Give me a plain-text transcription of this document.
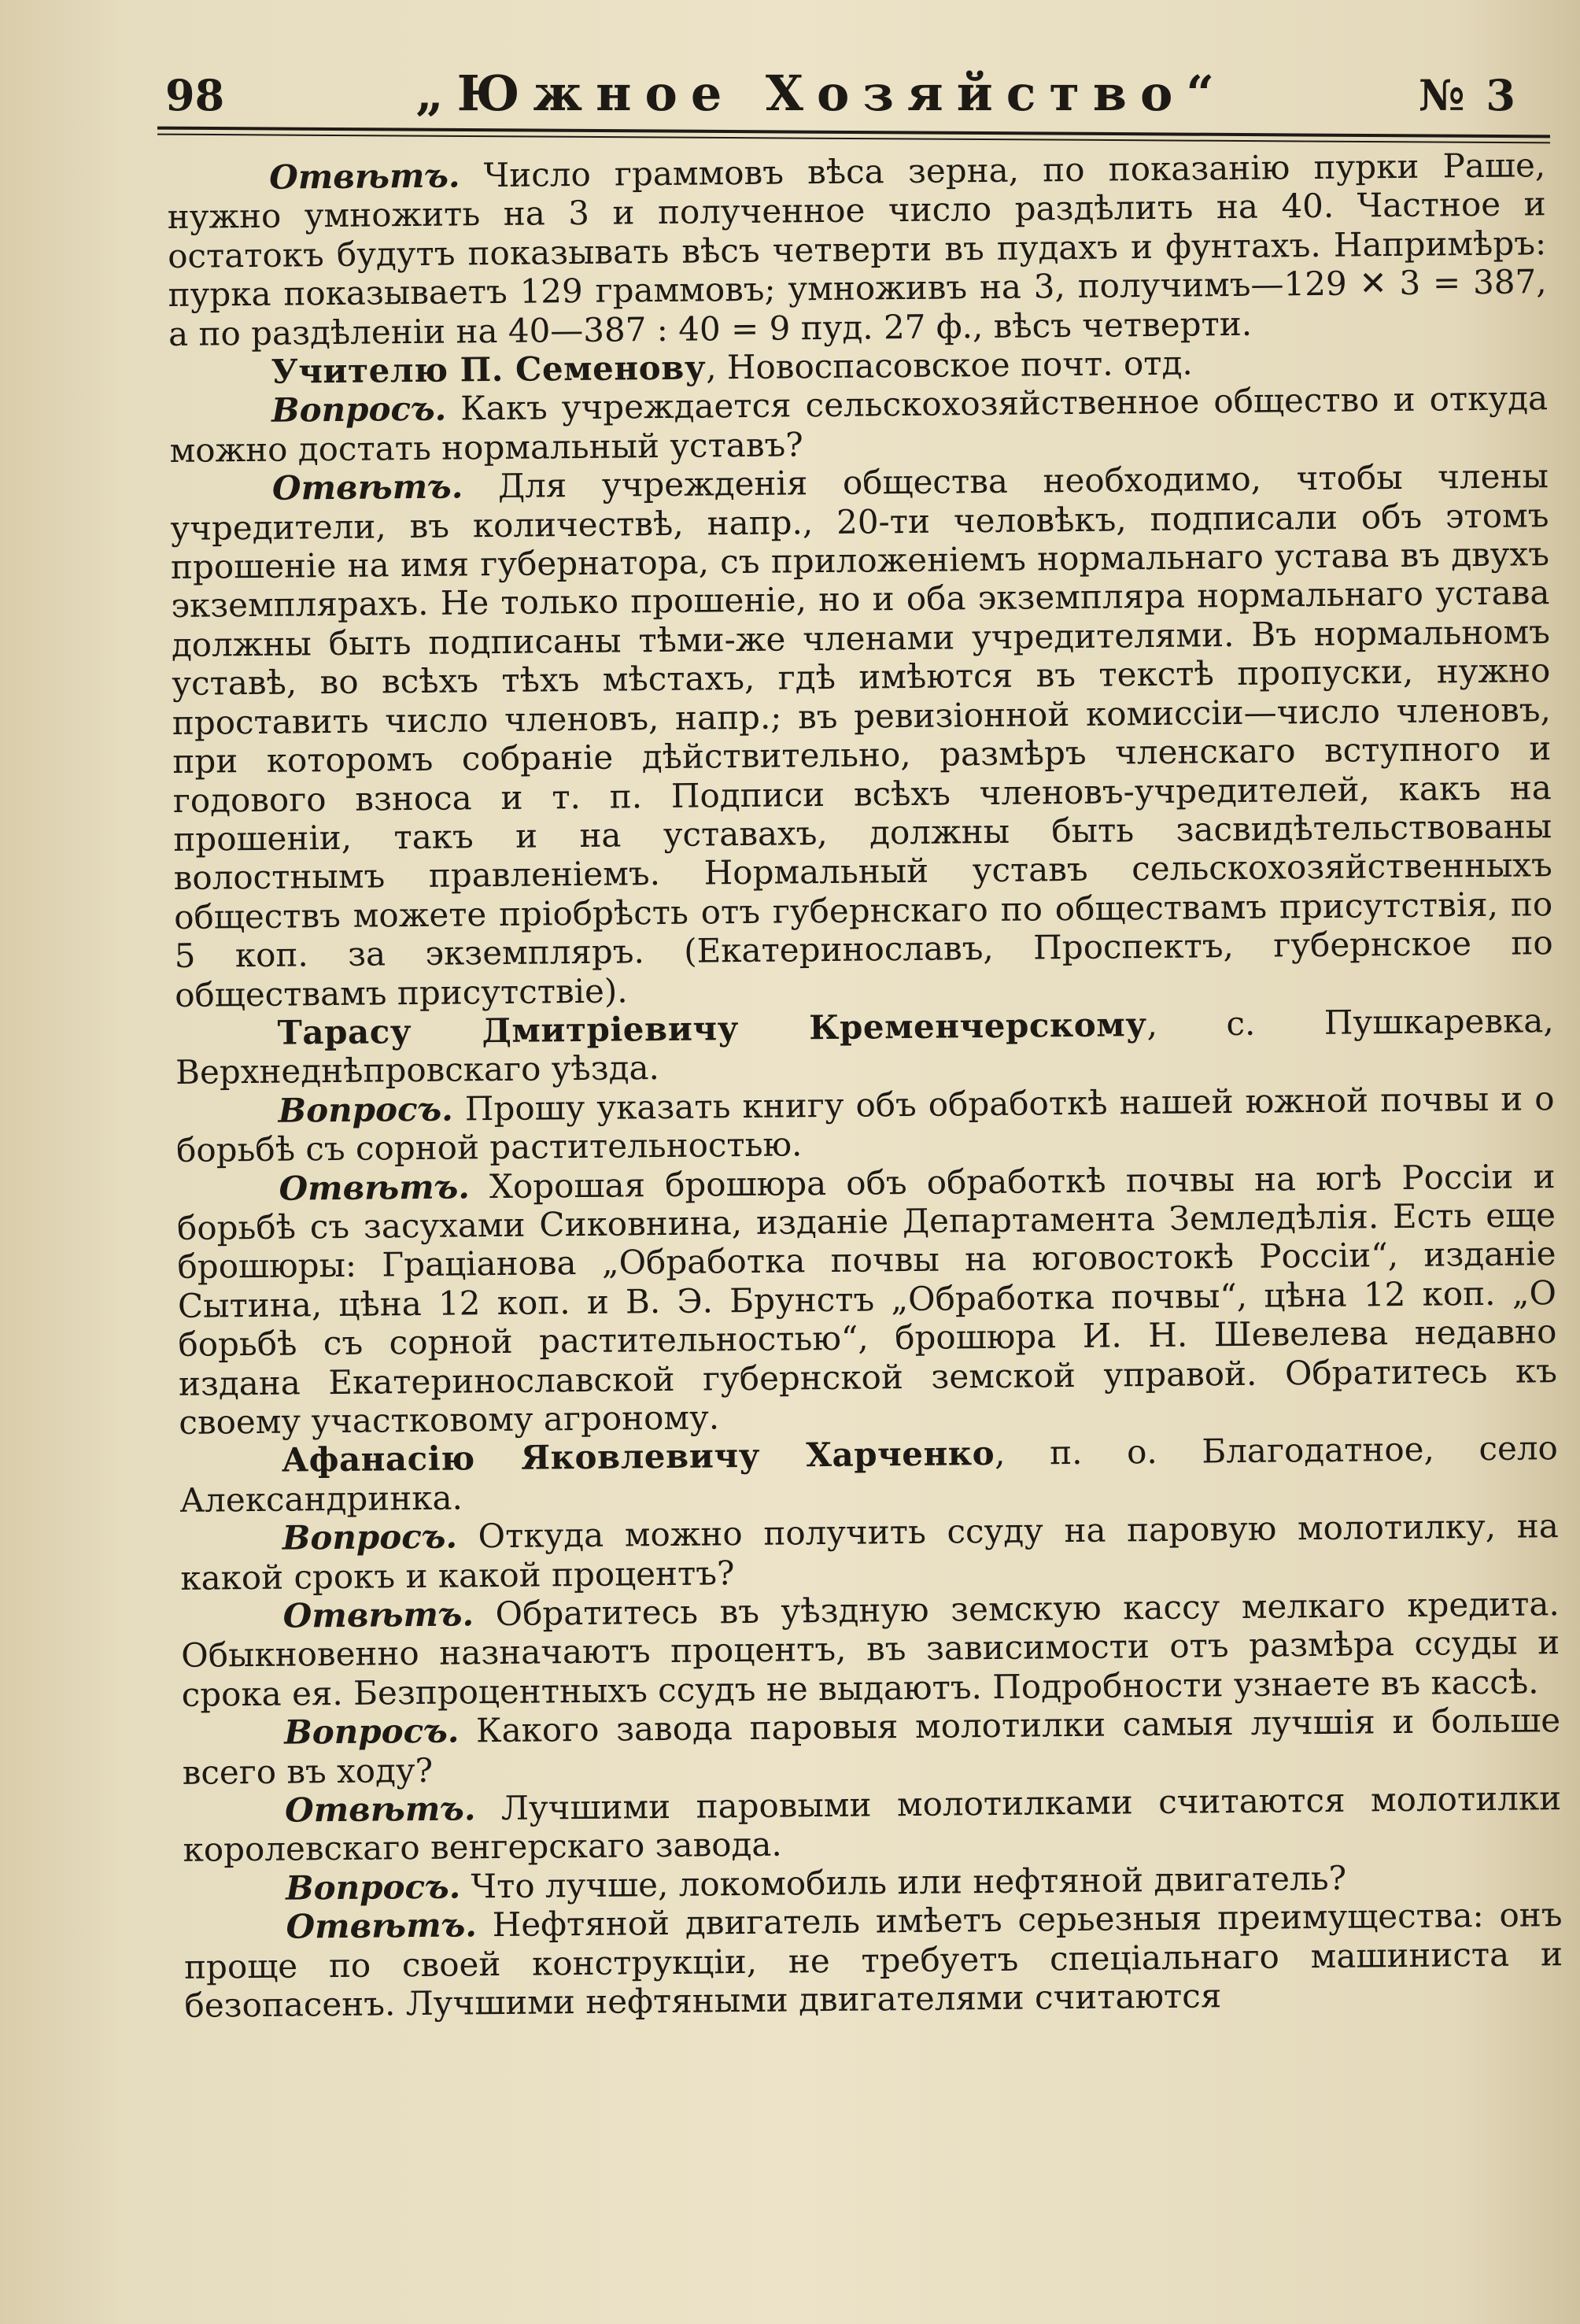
98	„Южное Хозяйство“	№ 3

Отвѣтъ. Число граммовъ вѣса зерна, по показанію пурки Раше, нужно умножить на 3 и полученное число раздѣлить на 40. Частное и остатокъ будутъ показывать вѣсъ четверти въ пудахъ и фунтахъ. Напримѣръ: пурка показываетъ 129 граммовъ; умноживъ на 3, получимъ—129 ✕ 3 = 387, а по раздѣленіи на 40—387 : 40 = 9 пуд. 27 ф., вѣсъ четверти.

Учителю П. Семенову, Новоспасовское почт. отд.

Вопросъ. Какъ учреждается сельскохозяйственное общество и откуда можно достать нормальный уставъ?

Отвѣтъ. Для учрежденія общества необходимо, чтобы члены учредители, въ количествѣ, напр., 20-ти человѣкъ, подписали объ этомъ прошеніе на имя губернатора, съ приложеніемъ нормальнаго устава въ двухъ экземплярахъ. Не только прошеніе, но и оба экземпляра нормальнаго устава должны быть подписаны тѣми-же членами учредителями. Въ нормальномъ уставѣ, во всѣхъ тѣхъ мѣстахъ, гдѣ имѣются въ текстѣ пропуски, нужно проставить число членовъ, напр.; въ ревизіонной комиссіи—число членовъ, при которомъ собраніе дѣйствительно, размѣръ членскаго вступного и годового взноса и т. п. Подписи всѣхъ членовъ-учредителей, какъ на прошеніи, такъ и на уставахъ, должны быть засвидѣтельствованы волостнымъ правленіемъ. Нормальный уставъ сельскохозяйственныхъ обществъ можете пріобрѣсть отъ губернскаго по обществамъ присутствія, по 5 коп. за экземпляръ. (Екатеринославъ, Проспектъ, губернское по обществамъ присутствіе).

Тарасу Дмитріевичу Кременчерскому, с. Пушкаревка, Верхнеднѣпровскаго уѣзда.

Вопросъ. Прошу указать книгу объ обработкѣ нашей южной почвы и о борьбѣ съ сорной растительностью.

Отвѣтъ. Хорошая брошюра объ обработкѣ почвы на югѣ Россіи и борьбѣ съ засухами Сиковнина, изданіе Департамента Земледѣлія. Есть еще брошюры: Граціанова „Обработка почвы на юговостокѣ Россіи“, изданіе Сытина, цѣна 12 коп. и В. Э. Брунстъ „Обработка почвы“, цѣна 12 коп. „О борьбѣ съ сорной растительностью“, брошюра И. Н. Шевелева недавно издана Екатеринославской губернской земской управой. Обратитесь къ своему участковому агроному.

Афанасію Яковлевичу Харченко, п. о. Благодатное, село Александринка.

Вопросъ. Откуда можно получить ссуду на паровую молотилку, на какой срокъ и какой процентъ?

Отвѣтъ. Обратитесь въ уѣздную земскую кассу мелкаго кредита. Обыкновенно назначаютъ процентъ, въ зависимости отъ размѣра ссуды и срока ея. Безпроцентныхъ ссудъ не выдаютъ. Подробности узнаете въ кассѣ.

Вопросъ. Какого завода паровыя молотилки самыя лучшія и больше всего въ ходу?

Отвѣтъ. Лучшими паровыми молотилками считаются молотилки королевскаго венгерскаго завода.

Вопросъ. Что лучше, локомобиль или нефтяной двигатель?

Отвѣтъ. Нефтяной двигатель имѣетъ серьезныя преимущества: онъ проще по своей конструкціи, не требуетъ спеціальнаго машиниста и безопасенъ. Лучшими нефтяными двигателями считаются
